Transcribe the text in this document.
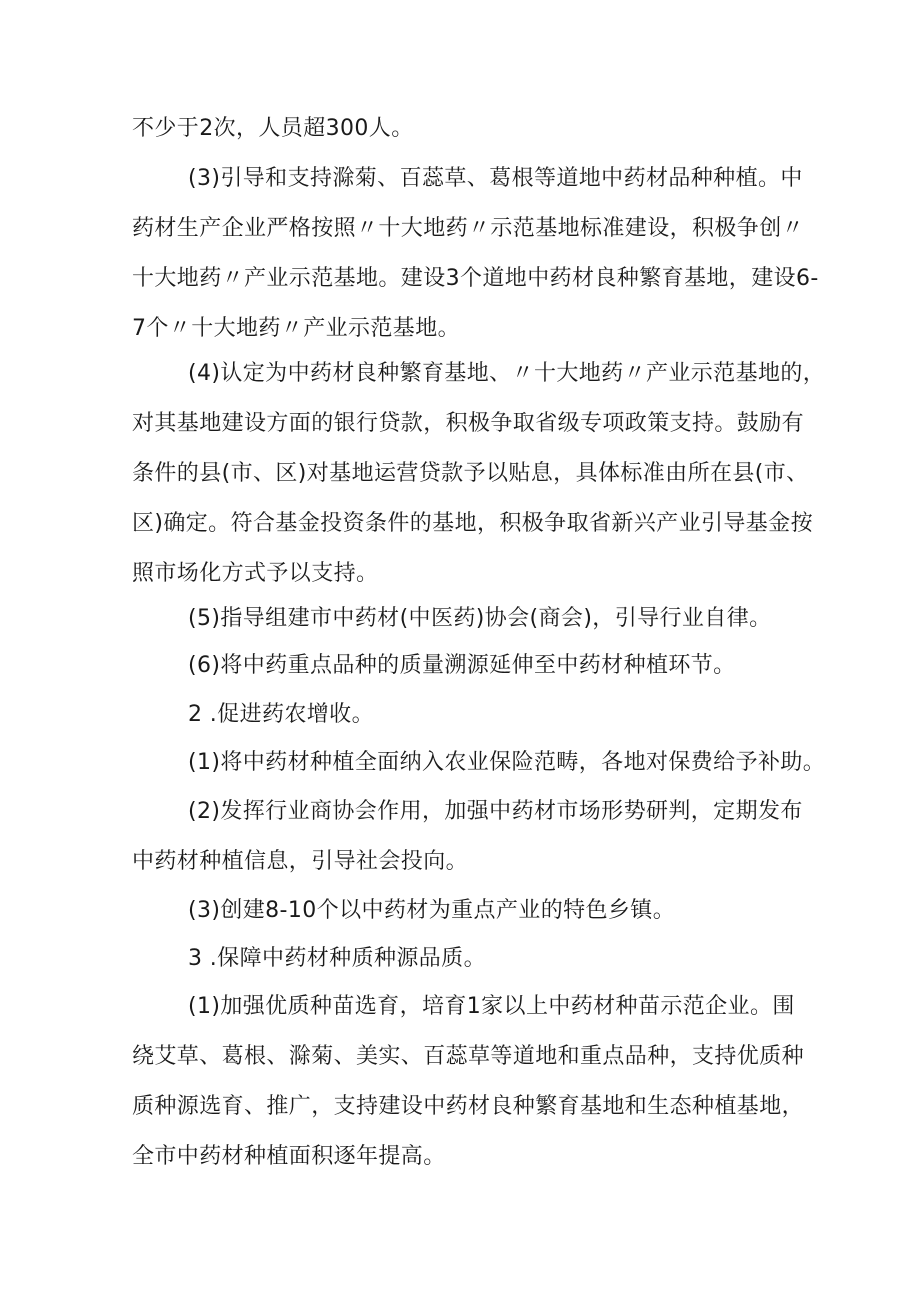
不少于2次，人员超300人。
(3)引导和支持滁菊、百蕊草、葛根等道地中药材品种种植。中
药材生产企业严格按照〃十大地药〃示范基地标准建设，积极争创〃
十大地药〃产业示范基地。建设3个道地中药材良种繁育基地，建设6-
7个〃十大地药〃产业示范基地。
(4)认定为中药材良种繁育基地、〃十大地药〃产业示范基地的，
对其基地建设方面的银行贷款，积极争取省级专项政策支持。鼓励有
条件的县(市、区)对基地运营贷款予以贴息，具体标准由所在县(市、
区)确定。符合基金投资条件的基地，积极争取省新兴产业引导基金按
照市场化方式予以支持。
(5)指导组建市中药材(中医药)协会(商会)，引导行业自律。
(6)将中药重点品种的质量溯源延伸至中药材种植环节。
2 .促进药农增收。
(1)将中药材种植全面纳入农业保险范畴，各地对保费给予补助。
(2)发挥行业商协会作用，加强中药材市场形势研判，定期发布
中药材种植信息，引导社会投向。
(3)创建8-10个以中药材为重点产业的特色乡镇。
3 .保障中药材种质种源品质。
(1)加强优质种苗选育，培育1家以上中药材种苗示范企业。围
绕艾草、葛根、滁菊、美实、百蕊草等道地和重点品种，支持优质种
质种源选育、推广，支持建设中药材良种繁育基地和生态种植基地，
全市中药材种植面积逐年提高。
